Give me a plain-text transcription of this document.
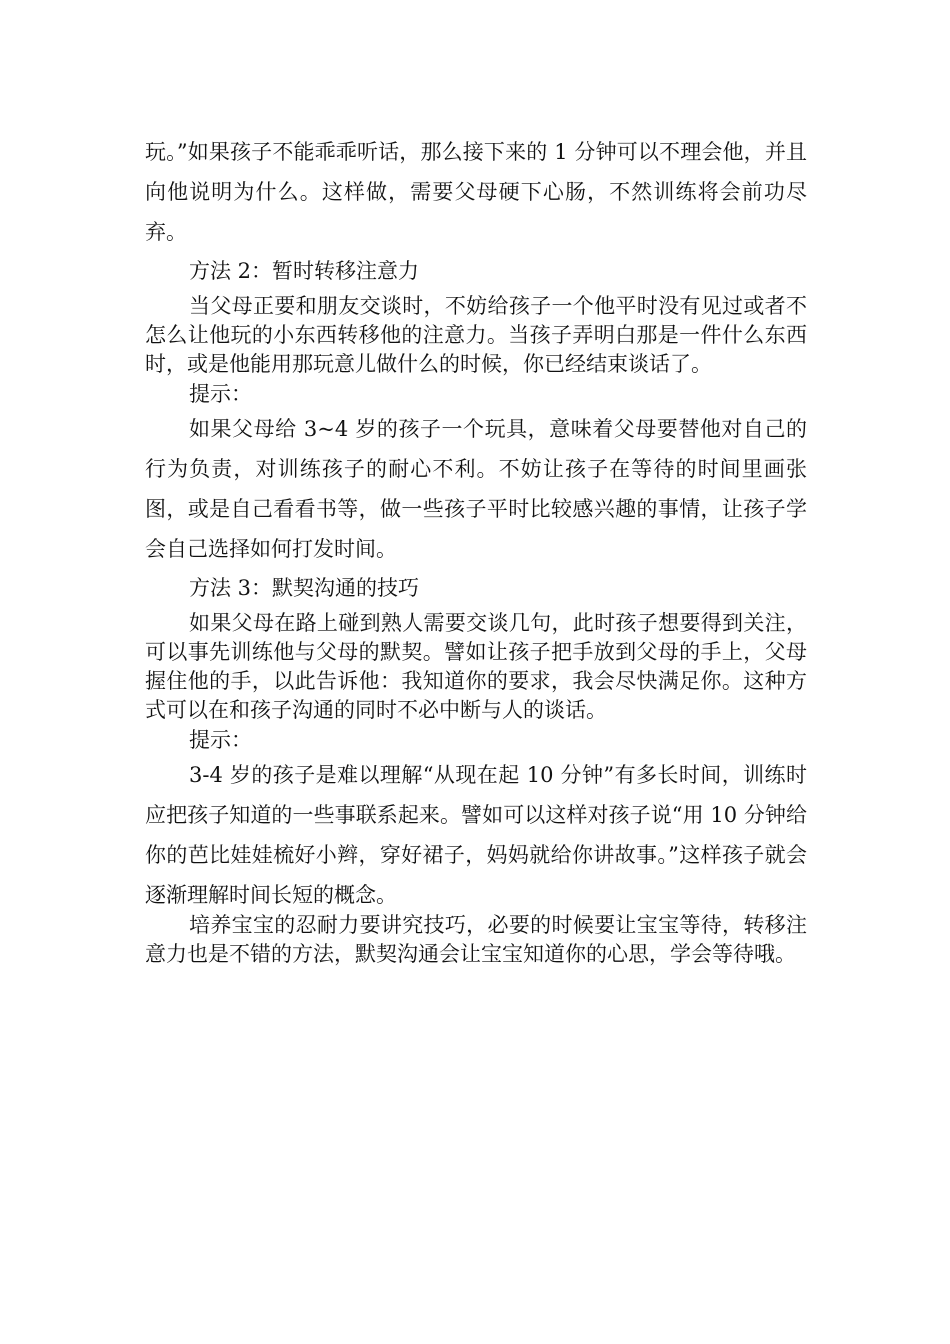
玩。”如果孩子不能乖乖听话，那么接下来的 1 分钟可以不理会他，并且向他说明为什么。这样做，需要父母硬下心肠，不然训练将会前功尽弃。

方法 2：暂时转移注意力

当父母正要和朋友交谈时，不妨给孩子一个他平时没有见过或者不怎么让他玩的小东西转移他的注意力。当孩子弄明白那是一件什么东西时，或是他能用那玩意儿做什么的时候，你已经结束谈话了。

提示：

如果父母给 3~4 岁的孩子一个玩具，意味着父母要替他对自己的行为负责，对训练孩子的耐心不利。不妨让孩子在等待的时间里画张图，或是自己看看书等，做一些孩子平时比较感兴趣的事情，让孩子学会自己选择如何打发时间。

方法 3：默契沟通的技巧

如果父母在路上碰到熟人需要交谈几句，此时孩子想要得到关注，可以事先训练他与父母的默契。譬如让孩子把手放到父母的手上，父母握住他的手，以此告诉他：我知道你的要求，我会尽快满足你。这种方式可以在和孩子沟通的同时不必中断与人的谈话。

提示：

3-4 岁的孩子是难以理解“从现在起 10 分钟”有多长时间，训练时应把孩子知道的一些事联系起来。譬如可以这样对孩子说“用 10 分钟给你的芭比娃娃梳好小辫，穿好裙子，妈妈就给你讲故事。”这样孩子就会逐渐理解时间长短的概念。

培养宝宝的忍耐力要讲究技巧，必要的时候要让宝宝等待，转移注意力也是不错的方法，默契沟通会让宝宝知道你的心思，学会等待哦。
